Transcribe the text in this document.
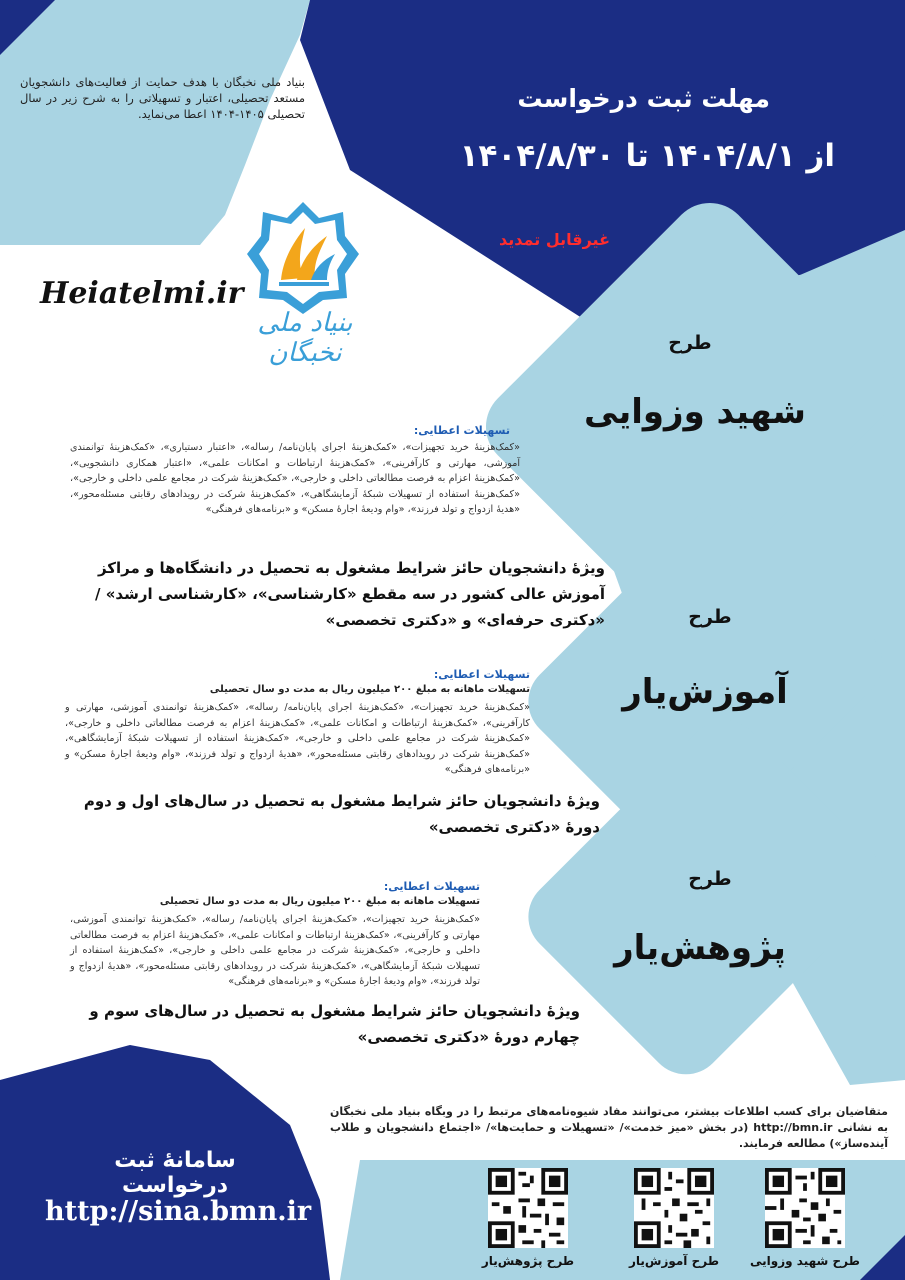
بنیاد ملی نخبگان با هدف حمایت از فعالیت‌های دانشجویان مستعد تحصیلی، اعتبار و تسهیلاتی را به شرح زیر در سال تحصیلی ۱۴۰۵-۱۴۰۴ اعطا می‌نماید.
مهلت ثبت درخواست
از ۱۴۰۴/۸/۱ تا ۱۴۰۴/۸/۳۰
غیرقابل تمدید
Heiatelmi.ir
بنیاد ملی نخبگان	طرح
شهید وزوایی
تسهیلات اعطایی:
«کمک‌هزینهٔ خرید تجهیزات»، «کمک‌هزینهٔ اجرای پایان‌نامه/ رساله»، «اعتبار دستیاری»، «کمک‌هزینهٔ توانمندی آموزشی، مهارتی و کارآفرینی»، «کمک‌هزینهٔ ارتباطات و امکانات علمی»، «اعتبار همکاری دانشجویی»، «کمک‌هزینهٔ اعزام به فرصت مطالعاتی داخلی و خارجی»، «کمک‌هزینهٔ شرکت در مجامع علمی داخلی و خارجی»، «کمک‌هزینهٔ استفاده از تسهیلات شبکهٔ آزمایشگاهی»، «کمک‌هزینهٔ شرکت در رویدادهای رقابتی مسئله‌محور»، «هدیهٔ ازدواج و تولد فرزند»، «وام ودیعهٔ اجارهٔ مسکن» و «برنامه‌های فرهنگی»
ویژهٔ دانشجویان حائز شرایط مشغول به تحصیل در دانشگاه‌ها و مراکز آموزش عالی کشور در سه مقطع «کارشناسی»، «کارشناسی ارشد» / «دکتری حرفه‌ای» و «دکتری تخصصی»	طرح
آموزش‌یار
تسهیلات اعطایی:
تسهیلات ماهانه به مبلغ ۲۰۰ میلیون ریال به مدت دو سال تحصیلی
«کمک‌هزینهٔ خرید تجهیزات»، «کمک‌هزینهٔ اجرای پایان‌نامه/ رساله»، «کمک‌هزینهٔ توانمندی آموزشی، مهارتی و کارآفرینی»، «کمک‌هزینهٔ ارتباطات و امکانات علمی»، «کمک‌هزینهٔ اعزام به فرصت مطالعاتی داخلی و خارجی»، «کمک‌هزینهٔ شرکت در مجامع علمی داخلی و خارجی»، «کمک‌هزینهٔ استفاده از تسهیلات شبکهٔ آزمایشگاهی»، «کمک‌هزینهٔ شرکت در رویدادهای رقابتی مسئله‌محور»، «هدیهٔ ازدواج و تولد فرزند»، «وام ودیعهٔ اجارهٔ مسکن» و «برنامه‌های فرهنگی»
ویژهٔ دانشجویان حائز شرایط مشغول به تحصیل در سال‌های اول و دوم دورهٔ «دکتری تخصصی»
طرح
پژوهش‌یار
تسهیلات اعطایی:
تسهیلات ماهانه به مبلغ ۲۰۰ میلیون ریال به مدت دو سال تحصیلی
«کمک‌هزینهٔ خرید تجهیزات»، «کمک‌هزینهٔ اجرای پایان‌نامه/ رساله»، «کمک‌هزینهٔ توانمندی آموزشی، مهارتی و کارآفرینی»، «کمک‌هزینهٔ ارتباطات و امکانات علمی»، «کمک‌هزینهٔ اعزام به فرصت مطالعاتی داخلی و خارجی»، «کمک‌هزینهٔ شرکت در مجامع علمی داخلی و خارجی»، «کمک‌هزینهٔ استفاده از تسهیلات شبکهٔ آزمایشگاهی»، «کمک‌هزینهٔ شرکت در رویدادهای رقابتی مسئله‌محور»، «هدیهٔ ازدواج و تولد فرزند»، «وام ودیعهٔ اجارهٔ مسکن» و «برنامه‌های فرهنگی»
ویژهٔ دانشجویان حائز شرایط مشغول به تحصیل در سال‌های سوم و چهارم دورهٔ «دکتری تخصصی»
متقاضیان برای کسب اطلاعات بیشتر، می‌توانند مفاد شیوه‌نامه‌های مرتبط را در وبگاه بنیاد ملی نخبگان به نشانی http://bmn.ir (در بخش «میز خدمت»/ «تسهیلات و حمایت‌ها»/ «اجتماع دانشجویان و طلاب آینده‌ساز») مطالعه فرمایند.
سامانهٔ ثبت درخواست
http://sina.bmn.ir
طرح پژوهش‌یار	طرح آموزش‌یار	طرح شهید وزوایی
